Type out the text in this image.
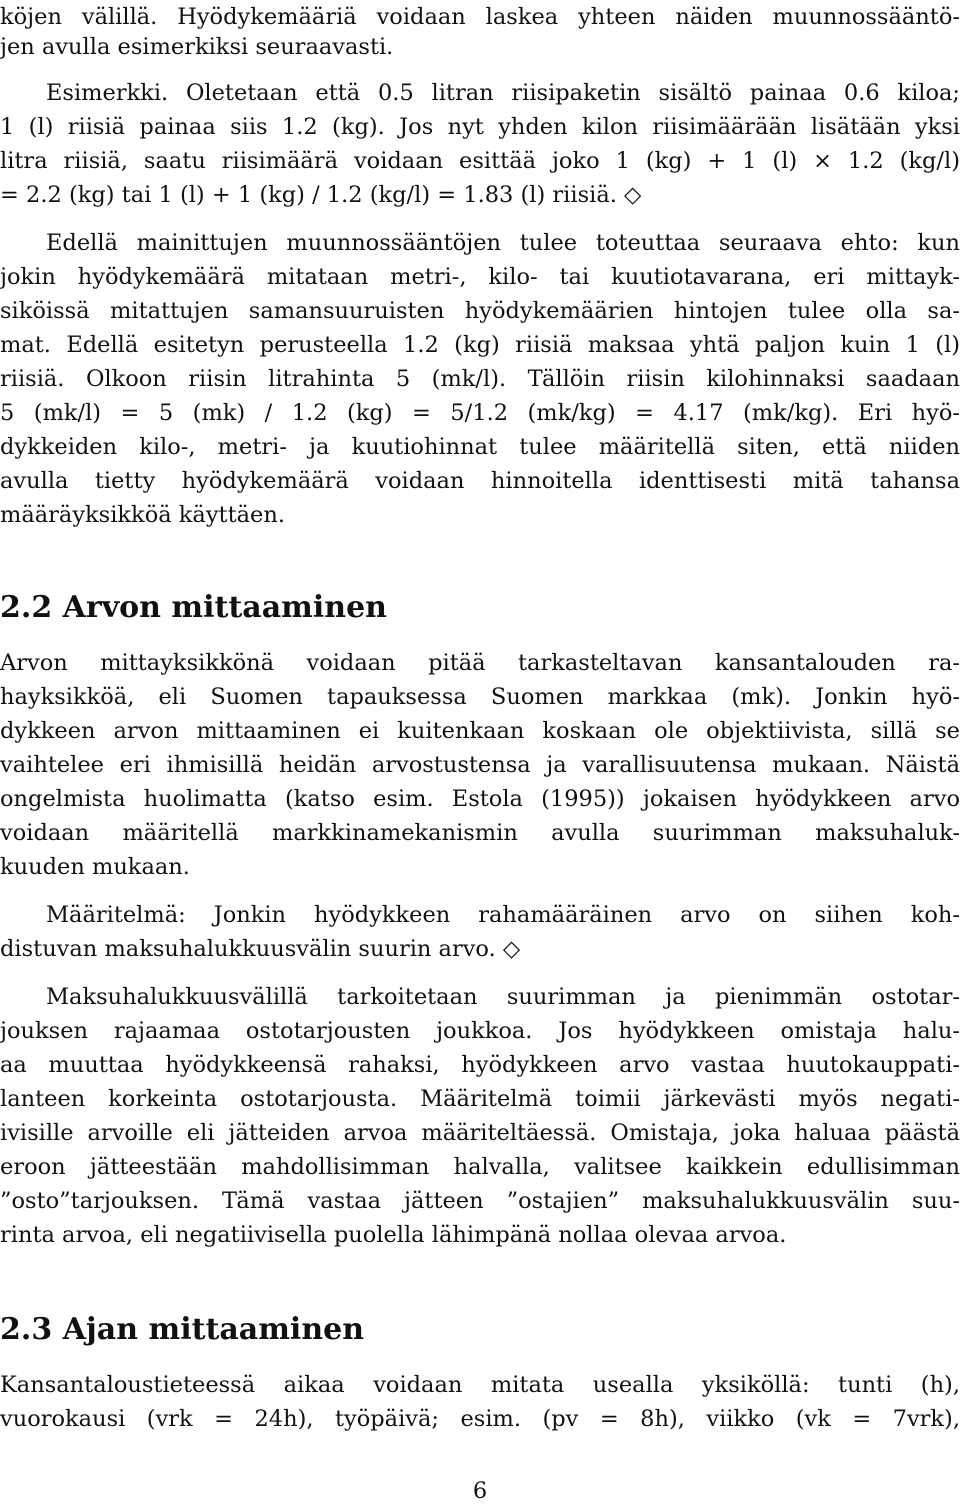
köjen välillä. Hyödykemääriä voidaan laskea yhteen näiden muunnossääntö-
jen avulla esimerkiksi seuraavasti.
Esimerkki. Oletetaan että 0.5 litran riisipaketin sisältö painaa 0.6 kiloa;
1 (l) riisiä painaa siis 1.2 (kg). Jos nyt yhden kilon riisimäärään lisätään yksi
litra riisiä, saatu riisimäärä voidaan esittää joko 1 (kg) + 1 (l) × 1.2 (kg/l)
= 2.2 (kg) tai 1 (l) + 1 (kg) / 1.2 (kg/l) = 1.83 (l) riisiä. ◇
Edellä mainittujen muunnossääntöjen tulee toteuttaa seuraava ehto: kun
jokin hyödykemäärä mitataan metri-, kilo- tai kuutiotavarana, eri mittayk-
siköissä mitattujen samansuuruisten hyödykemäärien hintojen tulee olla sa-
mat. Edellä esitetyn perusteella 1.2 (kg) riisiä maksaa yhtä paljon kuin 1 (l)
riisiä. Olkoon riisin litrahinta 5 (mk/l). Tällöin riisin kilohinnaksi saadaan
5 (mk/l) = 5 (mk) / 1.2 (kg) = 5/1.2 (mk/kg) = 4.17 (mk/kg). Eri hyö-
dykkeiden kilo-, metri- ja kuutiohinnat tulee määritellä siten, että niiden
avulla tietty hyödykemäärä voidaan hinnoitella identtisesti mitä tahansa
määräyksikköä käyttäen.
2.2 Arvon mittaaminen
Arvon mittayksikkönä voidaan pitää tarkasteltavan kansantalouden ra-
hayksikköä, eli Suomen tapauksessa Suomen markkaa (mk). Jonkin hyö-
dykkeen arvon mittaaminen ei kuitenkaan koskaan ole objektiivista, sillä se
vaihtelee eri ihmisillä heidän arvostustensa ja varallisuutensa mukaan. Näistä
ongelmista huolimatta (katso esim. Estola (1995)) jokaisen hyödykkeen arvo
voidaan määritellä markkinamekanismin avulla suurimman maksuhaluk-
kuuden mukaan.
Määritelmä: Jonkin hyödykkeen rahamääräinen arvo on siihen koh-
distuvan maksuhalukkuusvälin suurin arvo. ◇
Maksuhalukkuusvälillä tarkoitetaan suurimman ja pienimmän ostotar-
jouksen rajaamaa ostotarjousten joukkoa. Jos hyödykkeen omistaja halu-
aa muuttaa hyödykkeensä rahaksi, hyödykkeen arvo vastaa huutokauppati-
lanteen korkeinta ostotarjousta. Määritelmä toimii järkevästi myös negati-
ivisille arvoille eli jätteiden arvoa määriteltäessä. Omistaja, joka haluaa päästä
eroon jätteestään mahdollisimman halvalla, valitsee kaikkein edullisimman
”osto”tarjouksen. Tämä vastaa jätteen ”ostajien” maksuhalukkuusvälin suu-
rinta arvoa, eli negatiivisella puolella lähimpänä nollaa olevaa arvoa.
2.3 Ajan mittaaminen
Kansantaloustieteessä aikaa voidaan mitata usealla yksiköllä: tunti (h),
vuorokausi (vrk = 24h), työpäivä; esim. (pv = 8h), viikko (vk = 7vrk),
6
